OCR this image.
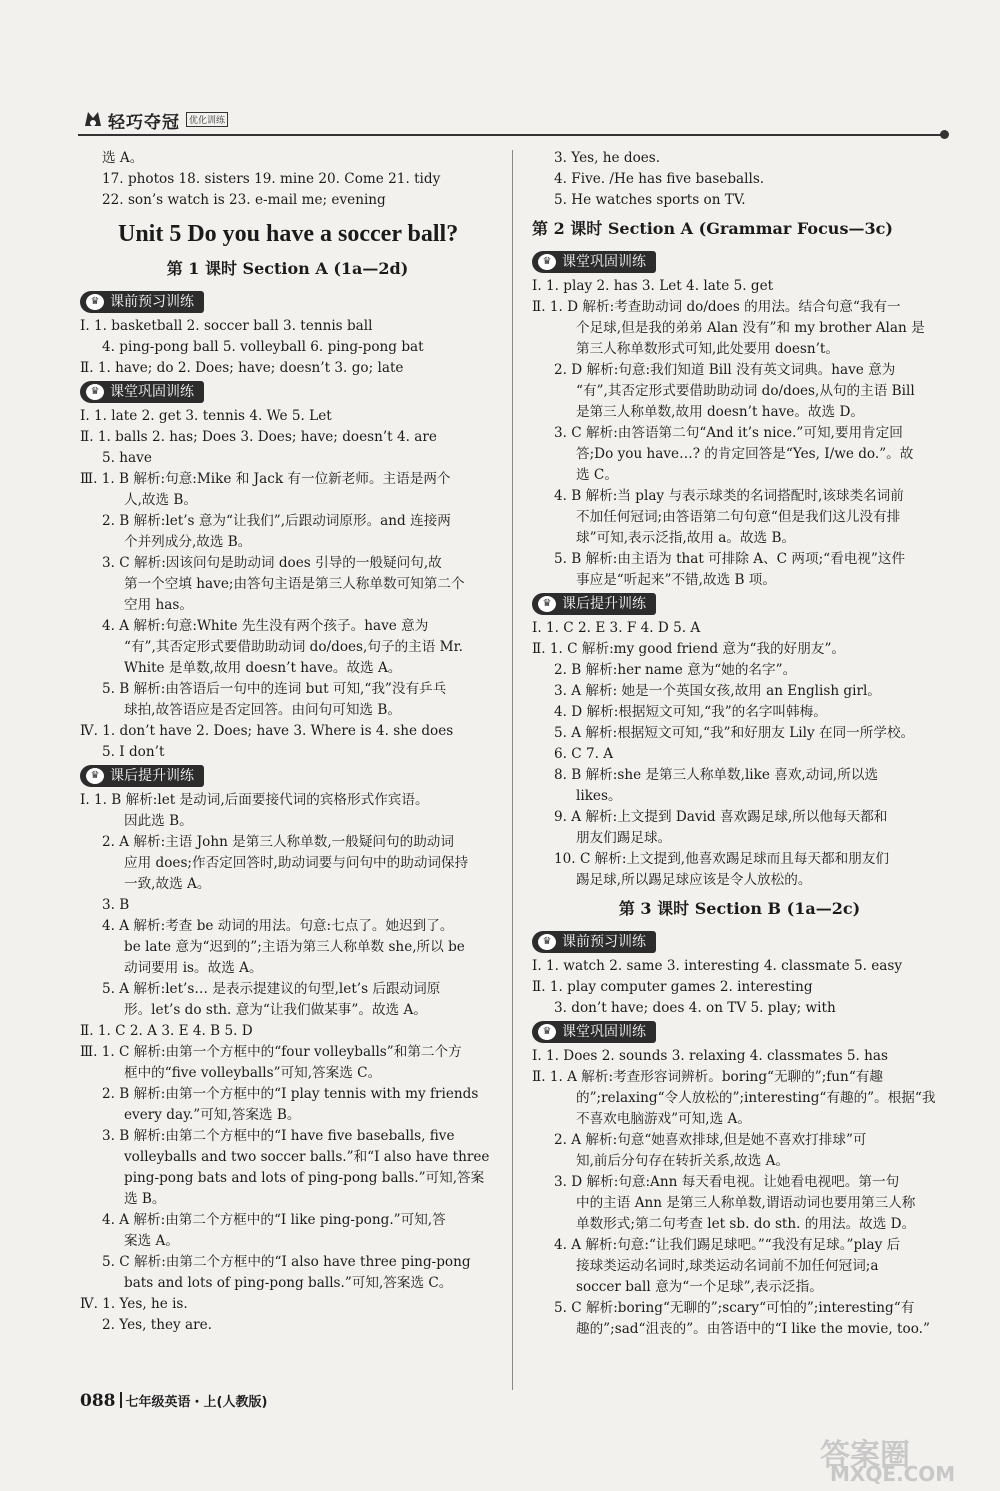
轻巧夺冠	优化训练
选 A。
17. photos 18. sisters 19. mine 20. Come 21. tidy
22. son’s watch is 23. e-mail me; evening
Unit 5 Do you have a soccer ball?
第 1 课时 Section A (1a—2d)
♛ 课前预习训练
Ⅰ. 1. basketball 2. soccer ball 3. tennis ball
4. ping-pong ball 5. volleyball 6. ping-pong bat
Ⅱ. 1. have; do 2. Does; have; doesn’t 3. go; late
♛ 课堂巩固训练
Ⅰ. 1. late 2. get 3. tennis 4. We 5. Let
Ⅱ. 1. balls 2. has; Does 3. Does; have; doesn’t 4. are
5. have
Ⅲ. 1. B 解析:句意:Mike 和 Jack 有一位新老师。主语是两个
人,故选 B。
2. B 解析:let’s 意为“让我们”,后跟动词原形。and 连接两
个并列成分,故选 B。
3. C 解析:因该问句是助动词 does 引导的一般疑问句,故
第一个空填 have;由答句主语是第三人称单数可知第二个
空用 has。
4. A 解析:句意:White 先生没有两个孩子。have 意为
“有”,其否定形式要借助助动词 do/does,句子的主语 Mr.
White 是单数,故用 doesn’t have。故选 A。
5. B 解析:由答语后一句中的连词 but 可知,“我”没有乒乓
球拍,故答语应是否定回答。由问句可知选 B。
Ⅳ. 1. don’t have 2. Does; have 3. Where is 4. she does
5. I don’t
♛ 课后提升训练
Ⅰ. 1. B 解析:let 是动词,后面要接代词的宾格形式作宾语。
因此选 B。
2. A 解析:主语 John 是第三人称单数,一般疑问句的助动词
应用 does;作否定回答时,助动词要与问句中的助动词保持
一致,故选 A。
3. B
4. A 解析:考查 be 动词的用法。句意:七点了。她迟到了。
be late 意为“迟到的”;主语为第三人称单数 she,所以 be
动词要用 is。故选 A。
5. A 解析:let’s… 是表示提建议的句型,let’s 后跟动词原
形。let’s do sth. 意为“让我们做某事”。故选 A。
Ⅱ. 1. C 2. A 3. E 4. B 5. D
Ⅲ. 1. C 解析:由第一个方框中的“four volleyballs”和第二个方
框中的“five volleyballs”可知,答案选 C。
2. B 解析:由第一个方框中的“I play tennis with my friends
every day.”可知,答案选 B。
3. B 解析:由第二个方框中的“I have five baseballs, five
volleyballs and two soccer balls.”和“I also have three
ping-pong bats and lots of ping-pong balls.”可知,答案
选 B。
4. A 解析:由第二个方框中的“I like ping-pong.”可知,答
案选 A。
5. C 解析:由第二个方框中的“I also have three ping-pong
bats and lots of ping-pong balls.”可知,答案选 C。
Ⅳ. 1. Yes, he is.
2. Yes, they are.
3. Yes, he does.
4. Five. /He has five baseballs.
5. He watches sports on TV.
第 2 课时 Section A (Grammar Focus—3c)
♛ 课堂巩固训练
Ⅰ. 1. play 2. has 3. Let 4. late 5. get
Ⅱ. 1. D 解析:考查助动词 do/does 的用法。结合句意“我有一
个足球,但是我的弟弟 Alan 没有”和 my brother Alan 是
第三人称单数形式可知,此处要用 doesn’t。
2. D 解析:句意:我们知道 Bill 没有英文词典。have 意为
“有”,其否定形式要借助助动词 do/does,从句的主语 Bill
是第三人称单数,故用 doesn’t have。故选 D。
3. C 解析:由答语第二句“And it’s nice.”可知,要用肯定回
答;Do you have…? 的肯定回答是“Yes, I/we do.”。故
选 C。
4. B 解析:当 play 与表示球类的名词搭配时,该球类名词前
不加任何冠词;由答语第二句句意“但是我们这儿没有排
球”可知,表示泛指,故用 a。故选 B。
5. B 解析:由主语为 that 可排除 A、C 两项;“看电视”这件
事应是“听起来”不错,故选 B 项。
♛ 课后提升训练
Ⅰ. 1. C 2. E 3. F 4. D 5. A
Ⅱ. 1. C 解析:my good friend 意为“我的好朋友”。
2. B 解析:her name 意为“她的名字”。
3. A 解析: 她是一个英国女孩,故用 an English girl。
4. D 解析:根据短文可知,“我”的名字叫韩梅。
5. A 解析:根据短文可知,“我”和好朋友 Lily 在同一所学校。
6. C 7. A
8. B 解析:she 是第三人称单数,like 喜欢,动词,所以选
likes。
9. A 解析:上文提到 David 喜欢踢足球,所以他每天都和
朋友们踢足球。
10. C 解析:上文提到,他喜欢踢足球而且每天都和朋友们
踢足球,所以踢足球应该是令人放松的。
第 3 课时 Section B (1a—2c)
♛ 课前预习训练
Ⅰ. 1. watch 2. same 3. interesting 4. classmate 5. easy
Ⅱ. 1. play computer games 2. interesting
3. don’t have; does 4. on TV 5. play; with
♛ 课堂巩固训练
Ⅰ. 1. Does 2. sounds 3. relaxing 4. classmates 5. has
Ⅱ. 1. A 解析:考查形容词辨析。boring“无聊的”;fun“有趣
的”;relaxing“令人放松的”;interesting“有趣的”。根据“我
不喜欢电脑游戏”可知,选 A。
2. A 解析:句意“她喜欢排球,但是她不喜欢打排球”可
知,前后分句存在转折关系,故选 A。
3. D 解析:句意:Ann 每天看电视。让她看电视吧。第一句
中的主语 Ann 是第三人称单数,谓语动词也要用第三人称
单数形式;第二句考查 let sb. do sth. 的用法。故选 D。
4. A 解析:句意:“让我们踢足球吧。”“我没有足球。”play 后
接球类运动名词时,球类运动名词前不加任何冠词;a
soccer ball 意为“一个足球”,表示泛指。
5. C 解析:boring“无聊的”;scary“可怕的”;interesting“有
趣的”;sad“沮丧的”。由答语中的“I like the movie, too.”
088 七年级英语・上(人教版)
答案圈
MXQE.COM
